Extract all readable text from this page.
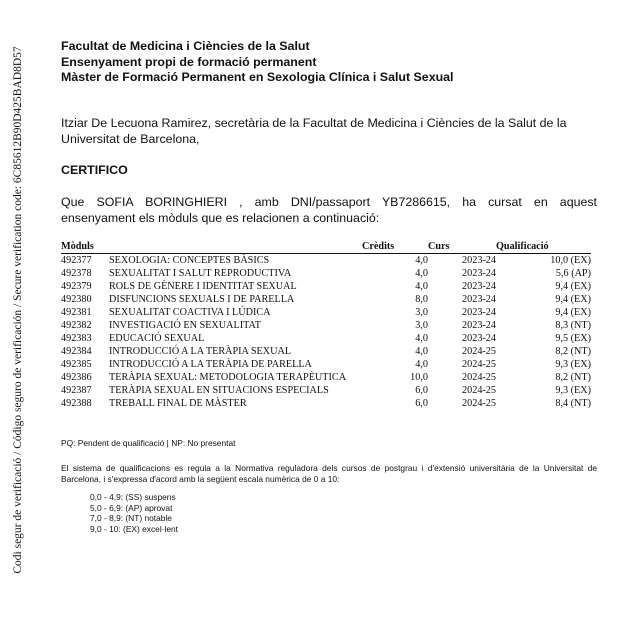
Codi segur de verificació / Código seguro de verificación / Secure verification code: 6C85612B90D425BAD8D57
Facultat de Medicina i Ciències de la Salut
Ensenyament propi de formació permanent
Màster de Formació Permanent en Sexologia Clínica i Salut Sexual
Itziar De Lecuona Ramirez, secretària de la Facultat de Medicina i Ciències de la Salut de la Universitat de Barcelona,
CERTIFICO
Que SOFIA BORINGHIERI , amb DNI/passaport YB7286615, ha cursat en aquest
ensenyament els mòduls que es relacionen a continuació:
Mòduls		Crèdits	Curs	Qualificació
492377	SEXOLOGIA: CONCEPTES BÀSICS	4,0	2023-24	10,0 (EX)
492378	SEXUALITAT I SALUT REPRODUCTIVA	4,0	2023-24	5,6 (AP)
492379	ROLS DE GÈNERE I IDENTITAT SEXUAL	4,0	2023-24	9,4 (EX)
492380	DISFUNCIONS SEXUALS I DE PARELLA	8,0	2023-24	9,4 (EX)
492381	SEXUALITAT COACTIVA I LÚDICA	3,0	2023-24	9,4 (EX)
492382	INVESTIGACIÓ EN SEXUALITAT	3,0	2023-24	8,3 (NT)
492383	EDUCACIÓ SEXUAL	4,0	2023-24	9,5 (EX)
492384	INTRODUCCIÓ A LA TERÀPIA SEXUAL	4,0	2024-25	8,2 (NT)
492385	INTRODUCCIÓ A LA TERÀPIA DE PARELLA	4,0	2024-25	9,3 (EX)
492386	TERÀPIA SEXUAL: METODOLOGIA TERAPÈUTICA	10,0	2024-25	8,2 (NT)
492387	TERÀPIA SEXUAL EN SITUACIONS ESPECIALS	6,0	2024-25	9,3 (EX)
492388	TREBALL FINAL DE MÀSTER	6,0	2024-25	8,4 (NT)
PQ: Pendent de qualificació | NP: No presentat
El sistema de qualificacions es regula a la Normativa reguladora dels cursos de postgrau i d'extensió universitària de la Universitat de Barcelona, i s'expressa d'acord amb la següent escala numèrica de 0 a 10:
0,0 - 4,9: (SS) suspens
5,0 - 6,9: (AP) aprovat
7,0 - 8,9: (NT) notable
9,0 - 10: (EX) excel·lent
